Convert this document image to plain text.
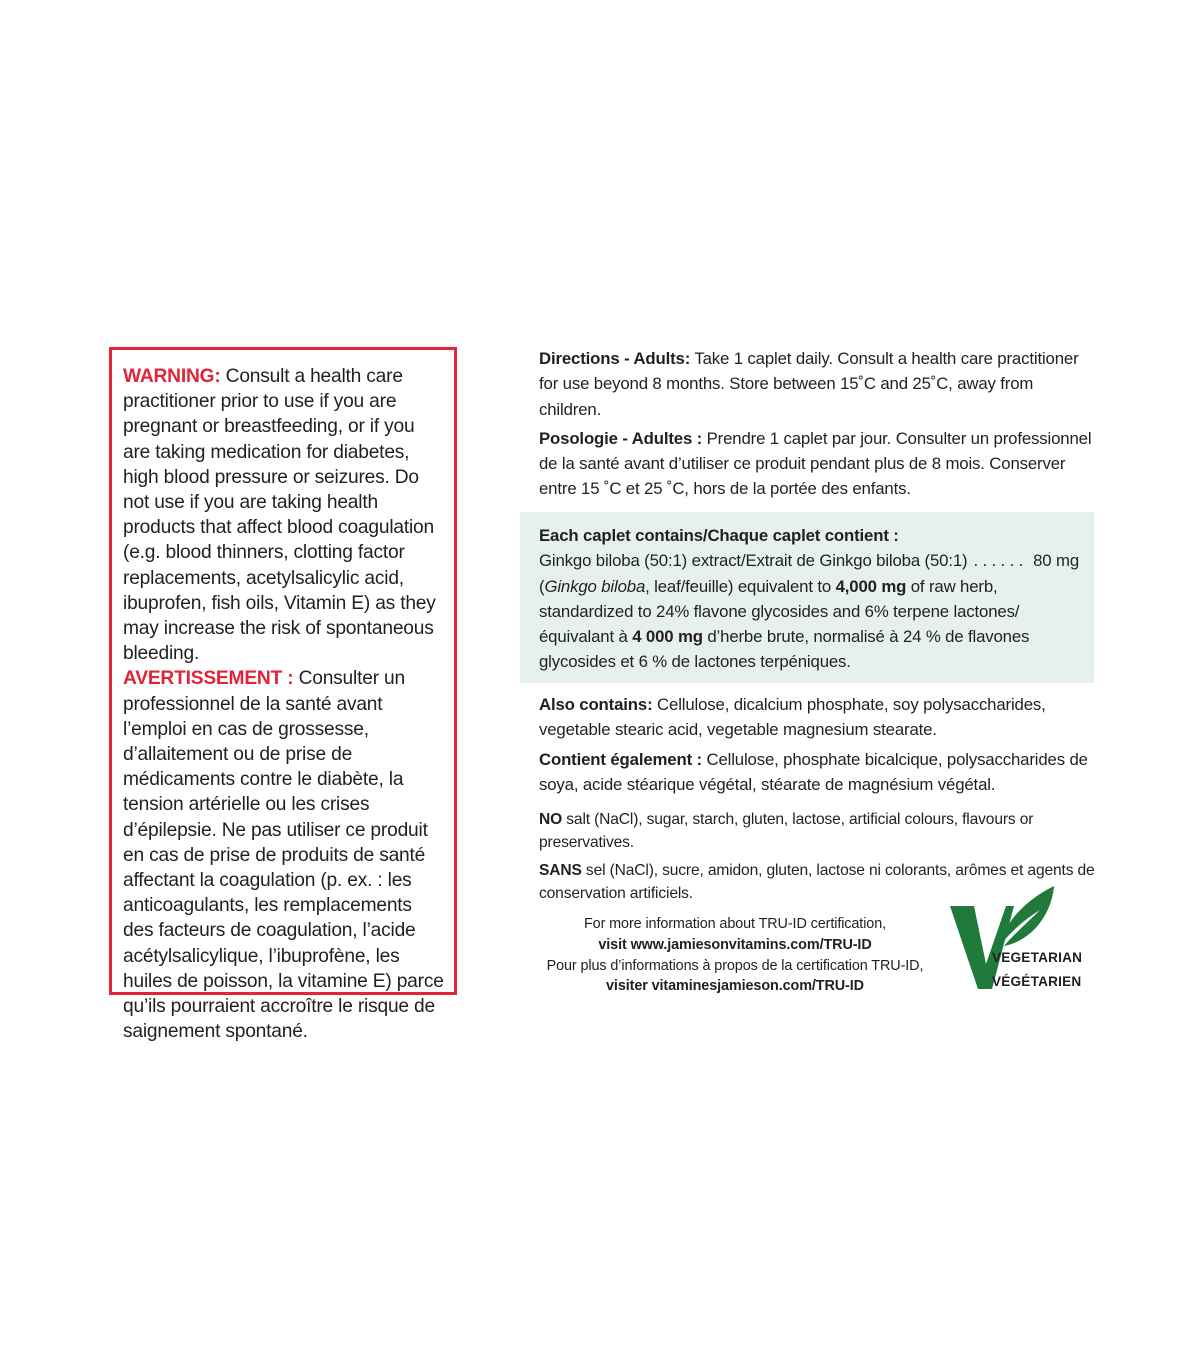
WARNING: Consult a health care practitioner prior to use if you are pregnant or breastfeeding, or if you are taking medication for diabetes, high blood pressure or seizures. Do not use if you are taking health products that affect blood coagulation (e.g. blood thinners, clotting factor replacements, acetylsalicylic acid, ibuprofen, fish oils, Vitamin E) as they may increase the risk of spontaneous bleeding.

AVERTISSEMENT : Consulter un professionnel de la santé avant l’emploi en cas de grossesse, d’allaitement ou de prise de médicaments contre le diabète, la tension artérielle ou les crises d’épilepsie. Ne pas utiliser ce produit en cas de prise de produits de santé affectant la coagulation (p. ex. : les anticoagulants, les remplacements des facteurs de coagulation, l’acide acétylsalicylique, l’ibuprofène, les huiles de poisson, la vitamine E) parce qu’ils pourraient accroître le risque de saignement spontané.

Directions - Adults: Take 1 caplet daily. Consult a health care practitioner for use beyond 8 months. Store between 15˚C and 25˚C, away from children.

Posologie - Adultes : Prendre 1 caplet par jour. Consulter un professionnel de la santé avant d’utiliser ce produit pendant plus de 8 mois. Conserver entre 15 ˚C et 25 ˚C, hors de la portée des enfants.

Each caplet contains/Chaque caplet contient :

Ginkgo biloba (50:1) extract/Extrait de Ginkgo biloba (50:1) . . . . . . 80 mg

(Ginkgo biloba, leaf/feuille) equivalent to 4,000 mg of raw herb,

standardized to 24% flavone glycosides and 6% terpene lactones/

équivalant à 4 000 mg d’herbe brute, normalisé à 24 % de flavones

glycosides et 6 % de lactones terpéniques.

Also contains: Cellulose, dicalcium phosphate, soy polysaccharides, vegetable stearic acid, vegetable magnesium stearate.

Contient également : Cellulose, phosphate bicalcique, polysaccharides de soya, acide stéarique végétal, stéarate de magnésium végétal.

NO salt (NaCl), sugar, starch, gluten, lactose, artificial colours, flavours or preservatives.

SANS sel (NaCl), sucre, amidon, gluten, lactose ni colorants, arômes et agents de conservation artificiels.

For more information about TRU-ID certification,

visit www.jamiesonvitamins.com/TRU-ID

Pour plus d’informations à propos de la certification TRU-ID,

visiter vitaminesjamieson.com/TRU-ID

VEGETARIAN
VÉGÉTARIEN
